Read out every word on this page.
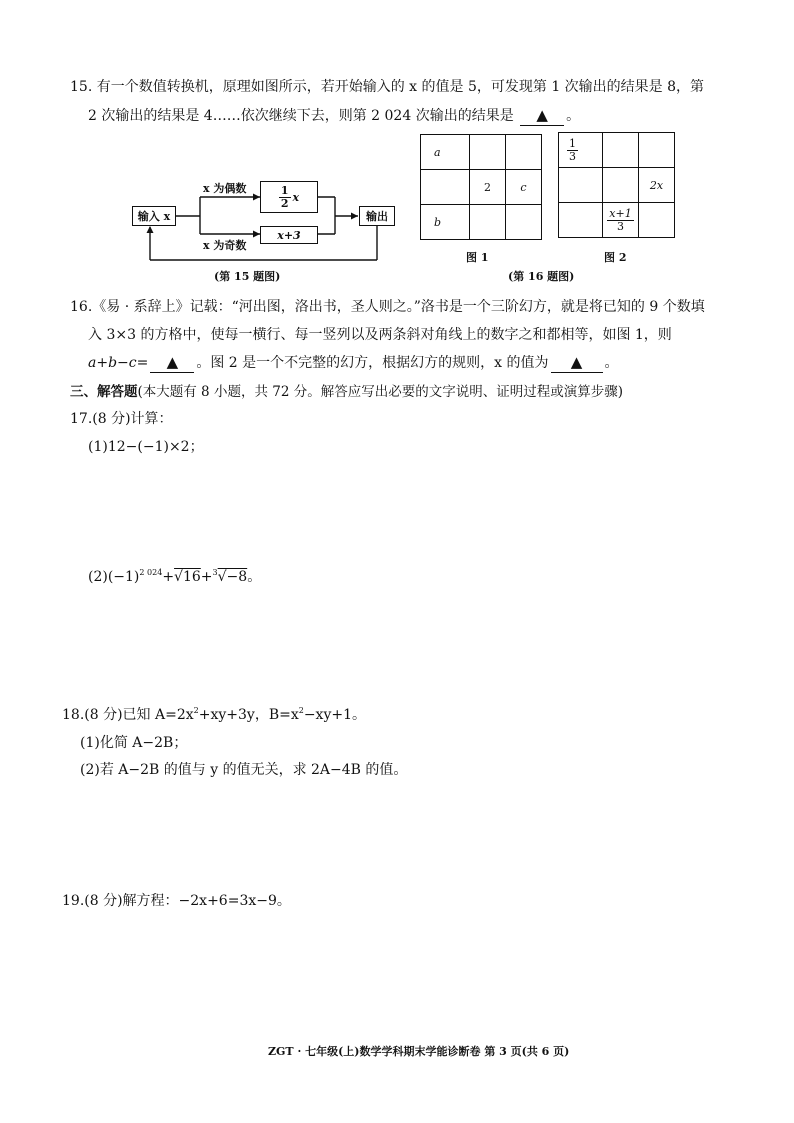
15. 有一个数值转换机，原理如图所示，若开始输入的 x 的值是 5，可发现第 1 次输出的结果是 8，第
2 次输出的结果是 4……依次继续下去，则第 2 024 次输出的结果是 ▲ 。
输入 x	输出
$\frac{1}{2}$ x
x+3
x 为偶数
x 为奇数
(第 15 题图)
a		
	2	c
b		
图 1
$\frac{1}{3}$

		2x

	$\frac{x+1}{3}$

图 2
(第 16 题图)
16.《易 · 系辞上》记载：“河出图，洛出书，圣人则之。”洛书是一个三阶幻方，就是将已知的 9 个数填
入 3×3 的方格中，使每一横行、每一竖列以及两条斜对角线上的数字之和都相等，如图 1，则
a+b−c= ▲ 。图 2 是一个不完整的幻方，根据幻方的规则，x 的值为 ▲ 。
三、解答题(本大题有 8 小题，共 72 分。解答应写出必要的文字说明、证明过程或演算步骤)
17.(8 分)计算：
(1)12−(−1)×2；
$(2)(-1)^{2 024}+√16+^3√-8$。
18.(8 分)已知 $A=2x^2+xy+3y$，$B=x^2-xy+1$。
(1)化简 A−2B；
(2)若 A−2B 的值与 y 的值无关，求 2A−4B 的值。
19.(8 分)解方程：−2x+6=3x−9。
ZGT · 七年级(上)数学学科期末学能诊断卷 第 3 页(共 6 页)
